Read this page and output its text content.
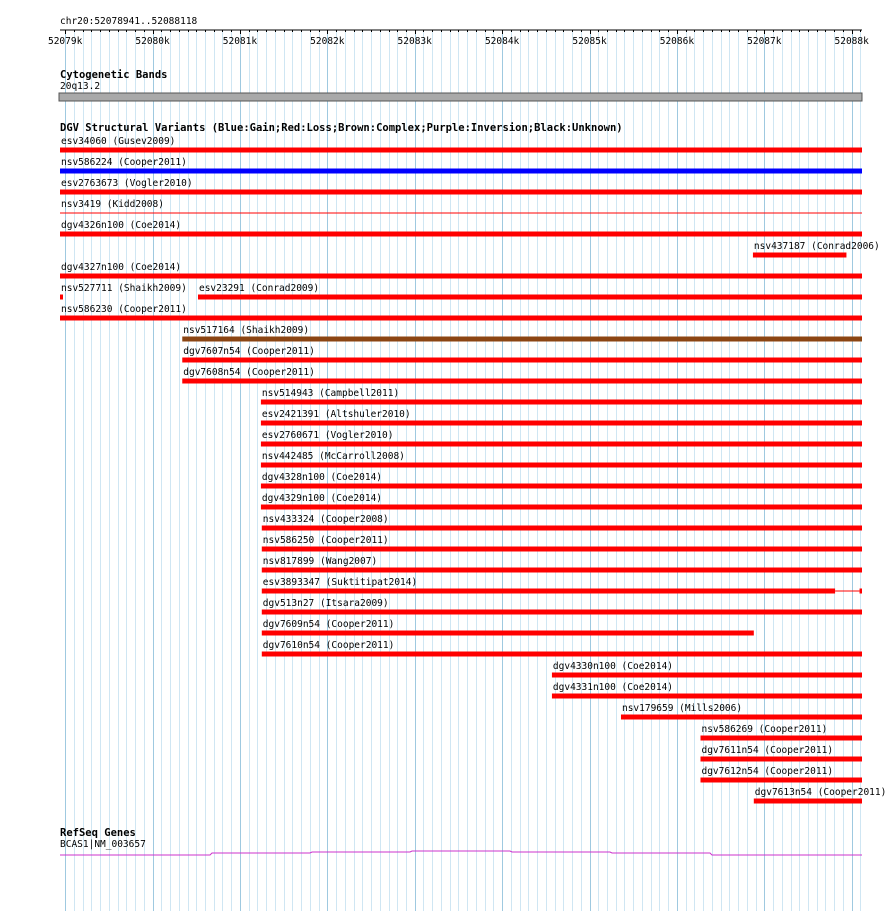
chr20:52078941..52088118
52079k	52080k	52081k	52082k	52083k	52084k	52085k	52086k	52087k	52088k
Cytogenetic Bands
20q13.2
DGV Structural Variants (Blue:Gain;Red:Loss;Brown:Complex;Purple:Inversion;Black:Unknown)
esv34060 (Gusev2009)
nsv586224 (Cooper2011)
esv2763673 (Vogler2010)
nsv3419 (Kidd2008)
dgv4326n100 (Coe2014)
nsv437187 (Conrad2006)
dgv4327n100 (Coe2014)
nsv527711 (Shaikh2009) esv23291 (Conrad2009)
nsv586230 (Cooper2011)
nsv517164 (Shaikh2009)
dgv7607n54 (Cooper2011)
dgv7608n54 (Cooper2011)
nsv514943 (Campbell2011)
esv2421391 (Altshuler2010)
esv2760671 (Vogler2010)
nsv442485 (McCarroll2008)
dgv4328n100 (Coe2014)
dgv4329n100 (Coe2014)
nsv433324 (Cooper2008)
nsv586250 (Cooper2011)
nsv817899 (Wang2007)
esv3893347 (Suktitipat2014)
dgv513n27 (Itsara2009)
dgv7609n54 (Cooper2011)
dgv7610n54 (Cooper2011)
dgv4330n100 (Coe2014)
dgv4331n100 (Coe2014)
nsv179659 (Mills2006)
nsv586269 (Cooper2011)
dgv7611n54 (Cooper2011)
dgv7612n54 (Cooper2011)
dgv7613n54 (Cooper2011)
RefSeq Genes
BCAS1|NM_003657
